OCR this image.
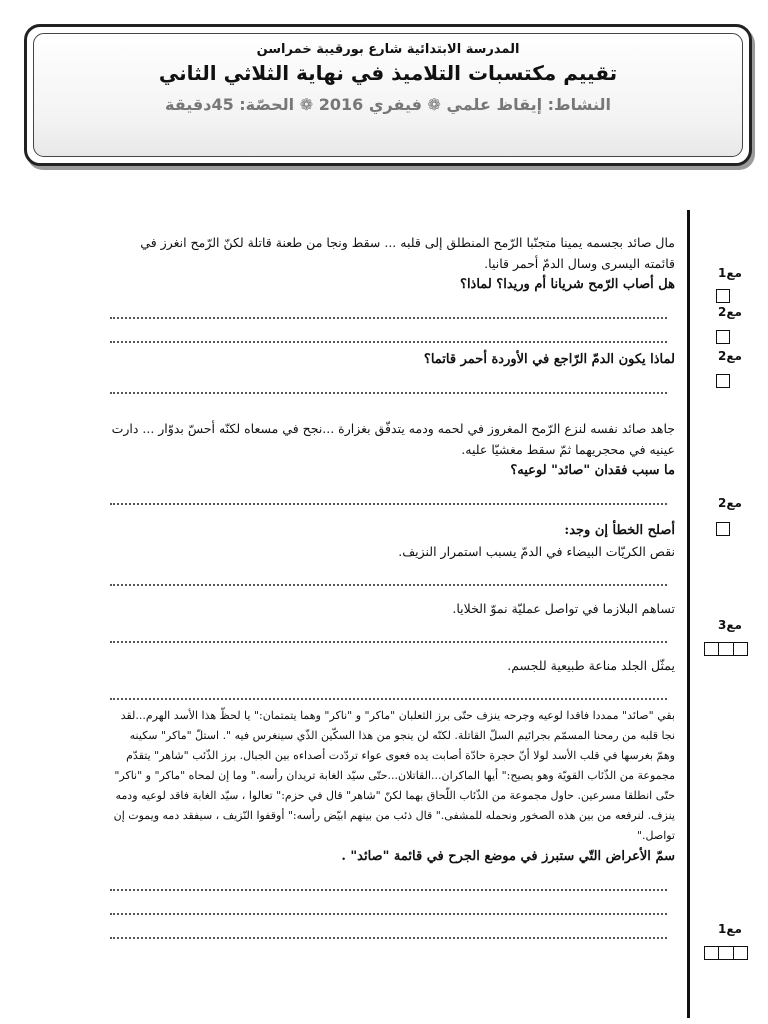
المدرسة الابتدائية شارع بورقيبة خمراسن
تقييم مكتسبات التلاميذ في نهاية الثلاثي الثاني
النشاط: إيقاظ علمي ❁ فيفري 2016 ❁ الحصّة: 45دقيقة
مال صائد بجسمه يمينا متجنّبا الرّمح المنطلق إلى قلبه ... سقط ونجا من طعنة قاتلة لكنّ الرّمح انغرز في قائمته اليسرى وسال الدمّ أحمر قانيا.
هل أصاب الرّمح شريانا أم وريدا؟ لماذا؟
لماذا يكون الدمّ الرّاجع في الأوردة أحمر قاتما؟
جاهد صائد نفسه لنزع الرّمح المغروز في لحمه ودمه يتدفّق بغزارة ...نجح في مسعاه لكنّه أحسّ بدوّار ... دارت عينيه في محجريهما ثمّ سقط مغشيّا عليه.
ما سبب فقدان "صائد" لوعيه؟
أصلح الخطأ إن وجد:
نقص الكريّات البيضاء في الدمّ يسبب استمرار النزيف.
تساهم البلازما في تواصل عمليّة نموّ الخلايا.
يمثّل الجلد مناعة طبيعية للجسم.
بقي "صائد" ممددا فاقدا لوعيه وجرحه ينزف حتّى برز الثعلبان "ماكر" و "ناكر" وهما يتمتمان:" يا لحظّ هذا الأسد الهرم...لقد نجا قلبه من رمحنا المسمّم بجرائيم السلّ القاتلة. لكنّه لن ينجو من هذا السكّين الذّي سينغرس فيه ". استلّ "ماكر" سكينه وهمّ بغرسها في قلب الأسد لولا أنّ حجرة حادّة أصابت يده فعوى عواء تردّدت أصداءه بين الجبال. برز الذّئب "شاهر" يتقدّم مجموعة من الذّئاب القويّة وهو يصيح:" أيها الماكران...القاتلان...حتّى سيّد الغابة تريدان رأسه." وما إن لمحاه "ماكر" و "ناكر" حتّى انطلقا مسرعين. حاول مجموعة من الذّئاب اللّحاق بهما لكنّ "شاهر" قال في حزم:" تعالوا ، سيّد الغابة فاقد لوعيه ودمه ينزف. لنرفعه من بين هذه الصخور ونحمله للمشفى." قال ذئب من بينهم ابيّض رأسه:" أوقفوا النّزيف ، سيفقد دمه ويموت إن تواصل."
سمّ الأعراض التّي ستبرز في موضع الجرح في قائمة "صائد" .
مع1
مع2
مع2
مع2
مع3
مع1
